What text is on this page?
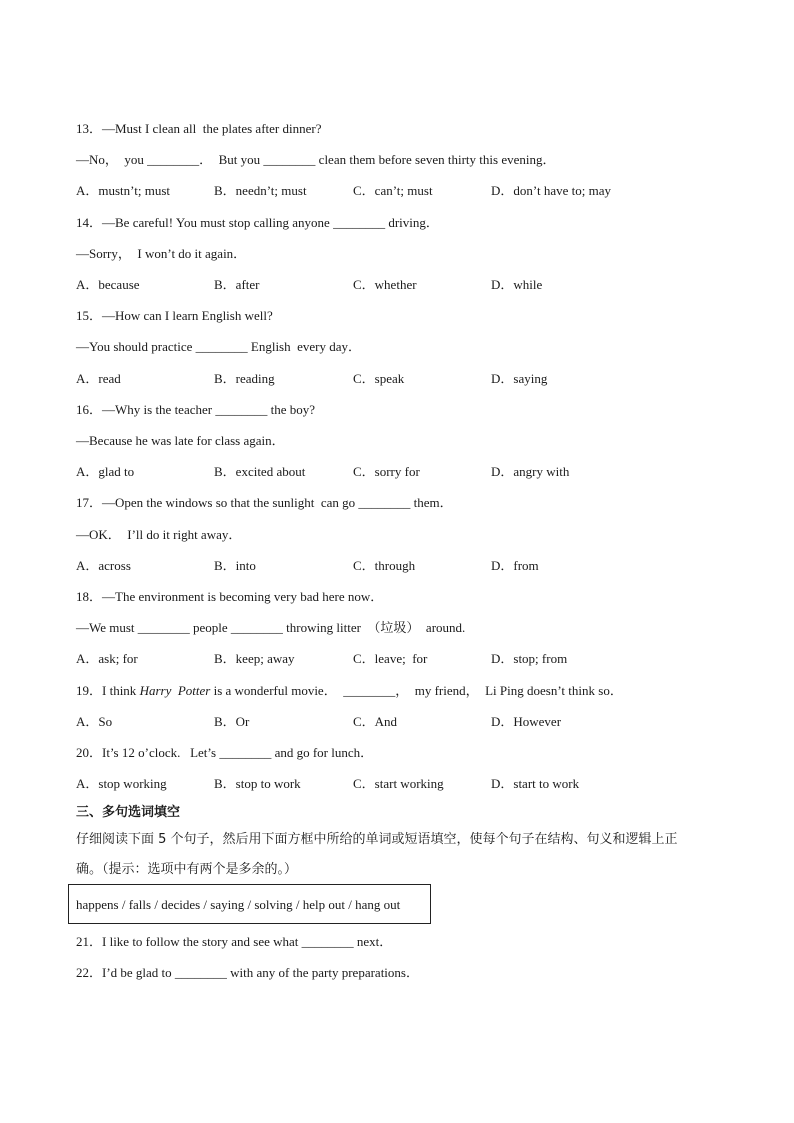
13．—Must I clean all  the plates after dinner?
—No，  you ________．  But you ________ clean them before seven thirty this evening．
A．mustn’t; must	B．needn’t; must	C．can’t; must	D．don’t have to; may
14．—Be careful! You must stop calling anyone ________ driving．
—Sorry，  I won’t do it again．
A．because	B．after	C．whether	D．while
15．—How can I learn English well?
—You should practice ________ English  every day．
A．read	B．reading	C．speak	D．saying
16．—Why is the teacher ________ the boy?
—Because he was late for class again．
A．glad to	B．excited about	C．sorry for	D．angry with
17．—Open the windows so that the sunlight  can go ________ them．
—OK．  I’ll do it right away．
A．across	B．into	C．through	D．from
18．—The environment is becoming very bad here now．
—We must ________ people ________ throwing litter  （垃圾）  around.
A．ask; for	B．keep; away	C．leave;  for	D．stop; from
19．I think Harry  Potter is a wonderful movie．  ________，  my friend，  Li Ping doesn’t think so．
A．So	B．Or	C．And	D．However
20．It’s 12 o’clock.   Let’s ________ and go for lunch．
A．stop working	B．stop to work	C．start working	D．start to work
三、多句选词填空
仔细阅读下面 5 个句子，然后用下面方框中所给的单词或短语填空，使每个句子在结构、句义和逻辑上正
确。（提示：选项中有两个是多余的。）
happens / falls / decides / saying / solving / help out / hang out
21．I like to follow the story and see what ________ next．
22．I’d be glad to ________ with any of the party preparations．
